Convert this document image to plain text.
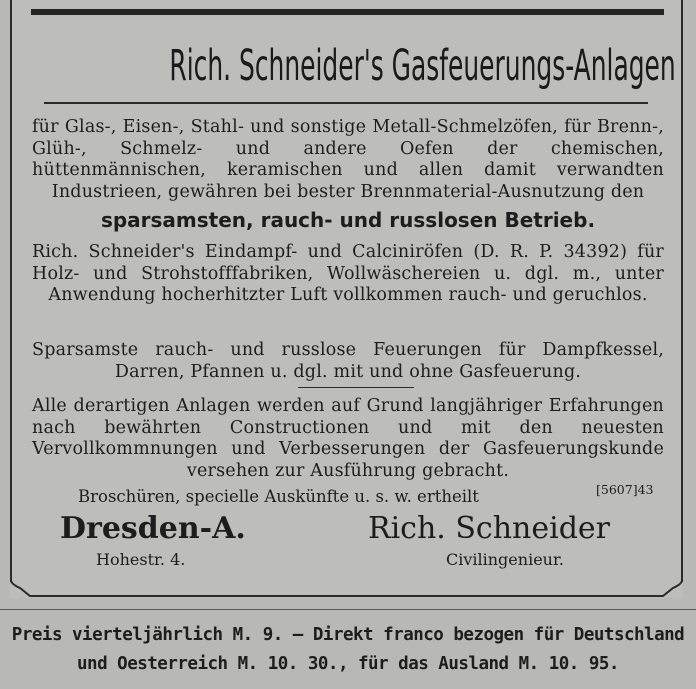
Rich. Schneider's Gasfeuerungs-Anlagen
für Glas-, Eisen-, Stahl- und sonstige Metall-Schmelzöfen, für Brenn-, Glüh-, Schmelz- und andere Oefen der chemischen, hüttenmännischen, keramischen und allen damit verwandten Industrieen, gewähren bei bester Brennmaterial-Ausnutzung den
sparsamsten, rauch- und russlosen Betrieb.
Rich. Schneider's Eindampf- und Calciniröfen (D. R. P. 34392) für Holz- und Strohstofffabriken, Wollwäschereien u. dgl. m., unter Anwendung hocherhitzter Luft vollkommen rauch- und geruchlos.
Sparsamste rauch- und russlose Feuerungen für Dampfkessel, Darren, Pfannen u. dgl. mit und ohne Gasfeuerung.
Alle derartigen Anlagen werden auf Grund langjähriger Erfahrungen nach bewährten Constructionen und mit den neuesten Vervollkommnungen und Verbesserungen der Gasfeuerungskunde versehen zur Ausführung gebracht.
Broschüren, specielle Auskünfte u. s. w. ertheilt	[5607]43
Dresden-A.
Hohestr. 4.
Rich. Schneider
Civilingenieur.
Preis vierteljährlich M. 9. — Direkt franco bezogen für Deutschland
und Oesterreich M. 10. 30., für das Ausland M. 10. 95.
